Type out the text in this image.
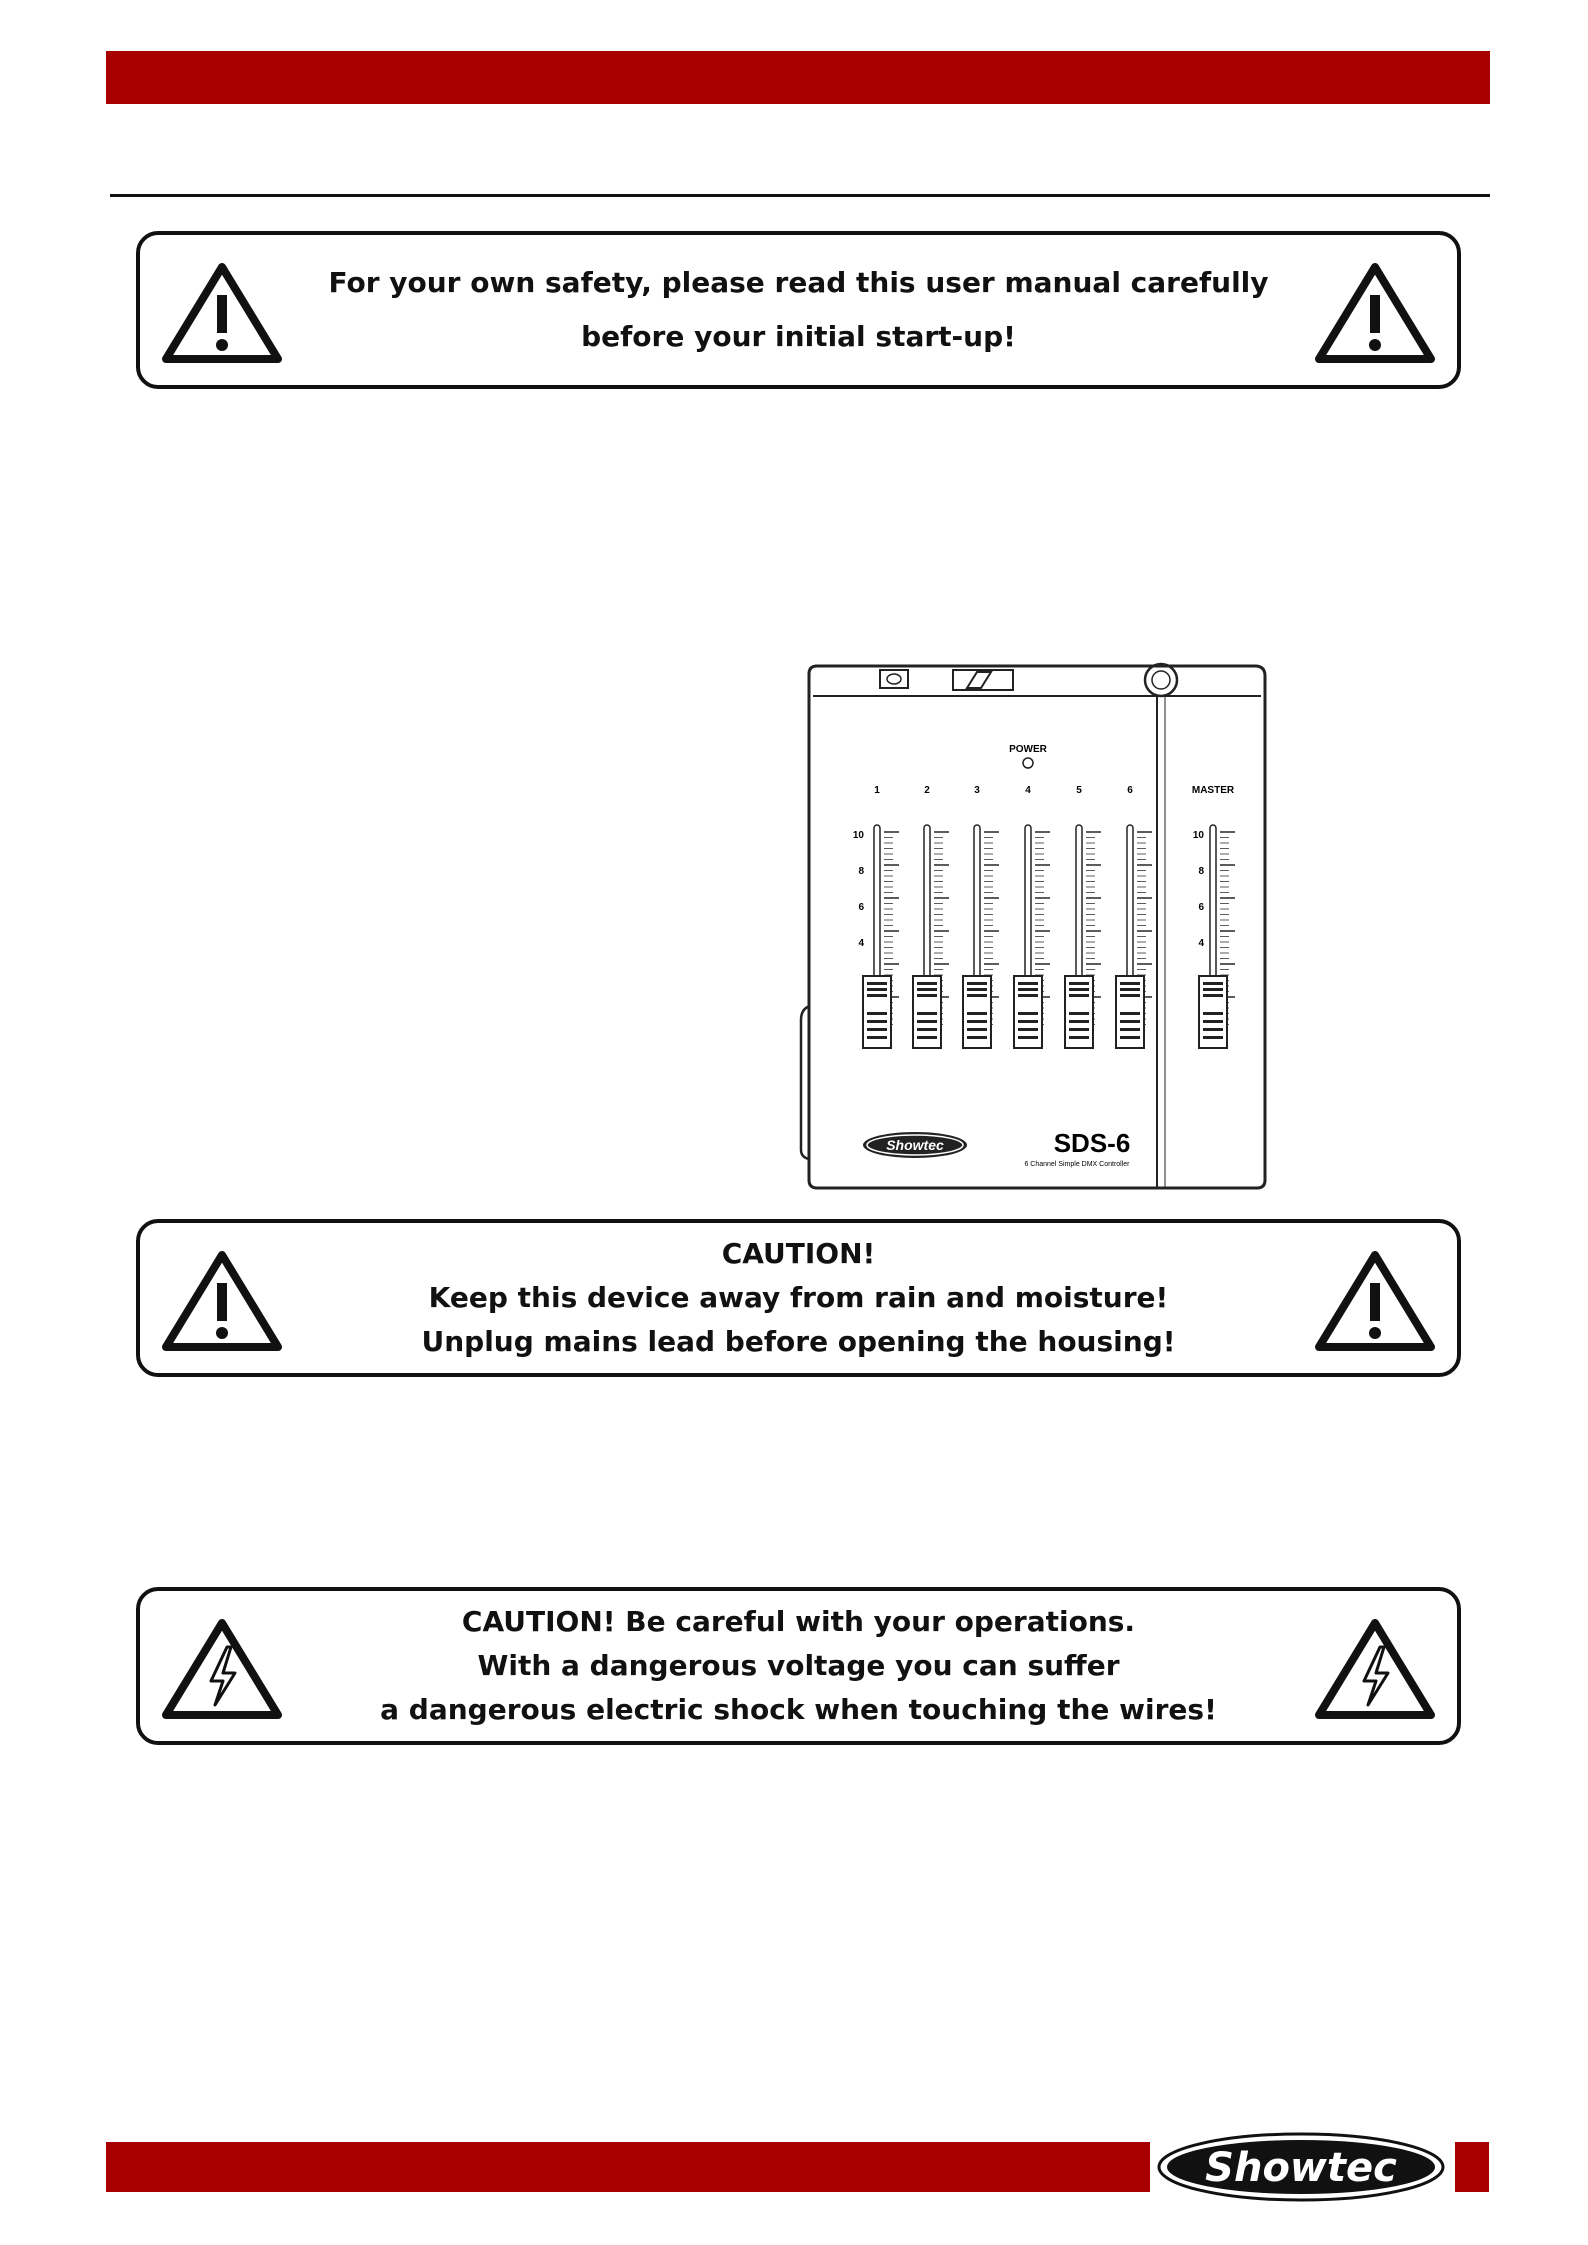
For your own safety, please read this user manual carefully
before your initial start-up!
POWER
1	2	3	4	5	6	MASTER
10
8
6
4
10
8
6
4
Showtec	SDS-6
6 Channel Simple DMX Controller
CAUTION!
Keep this device away from rain and moisture!
Unplug mains lead before opening the housing!
CAUTION! Be careful with your operations.
With a dangerous voltage you can suffer
a dangerous electric shock when touching the wires!
Showtec
